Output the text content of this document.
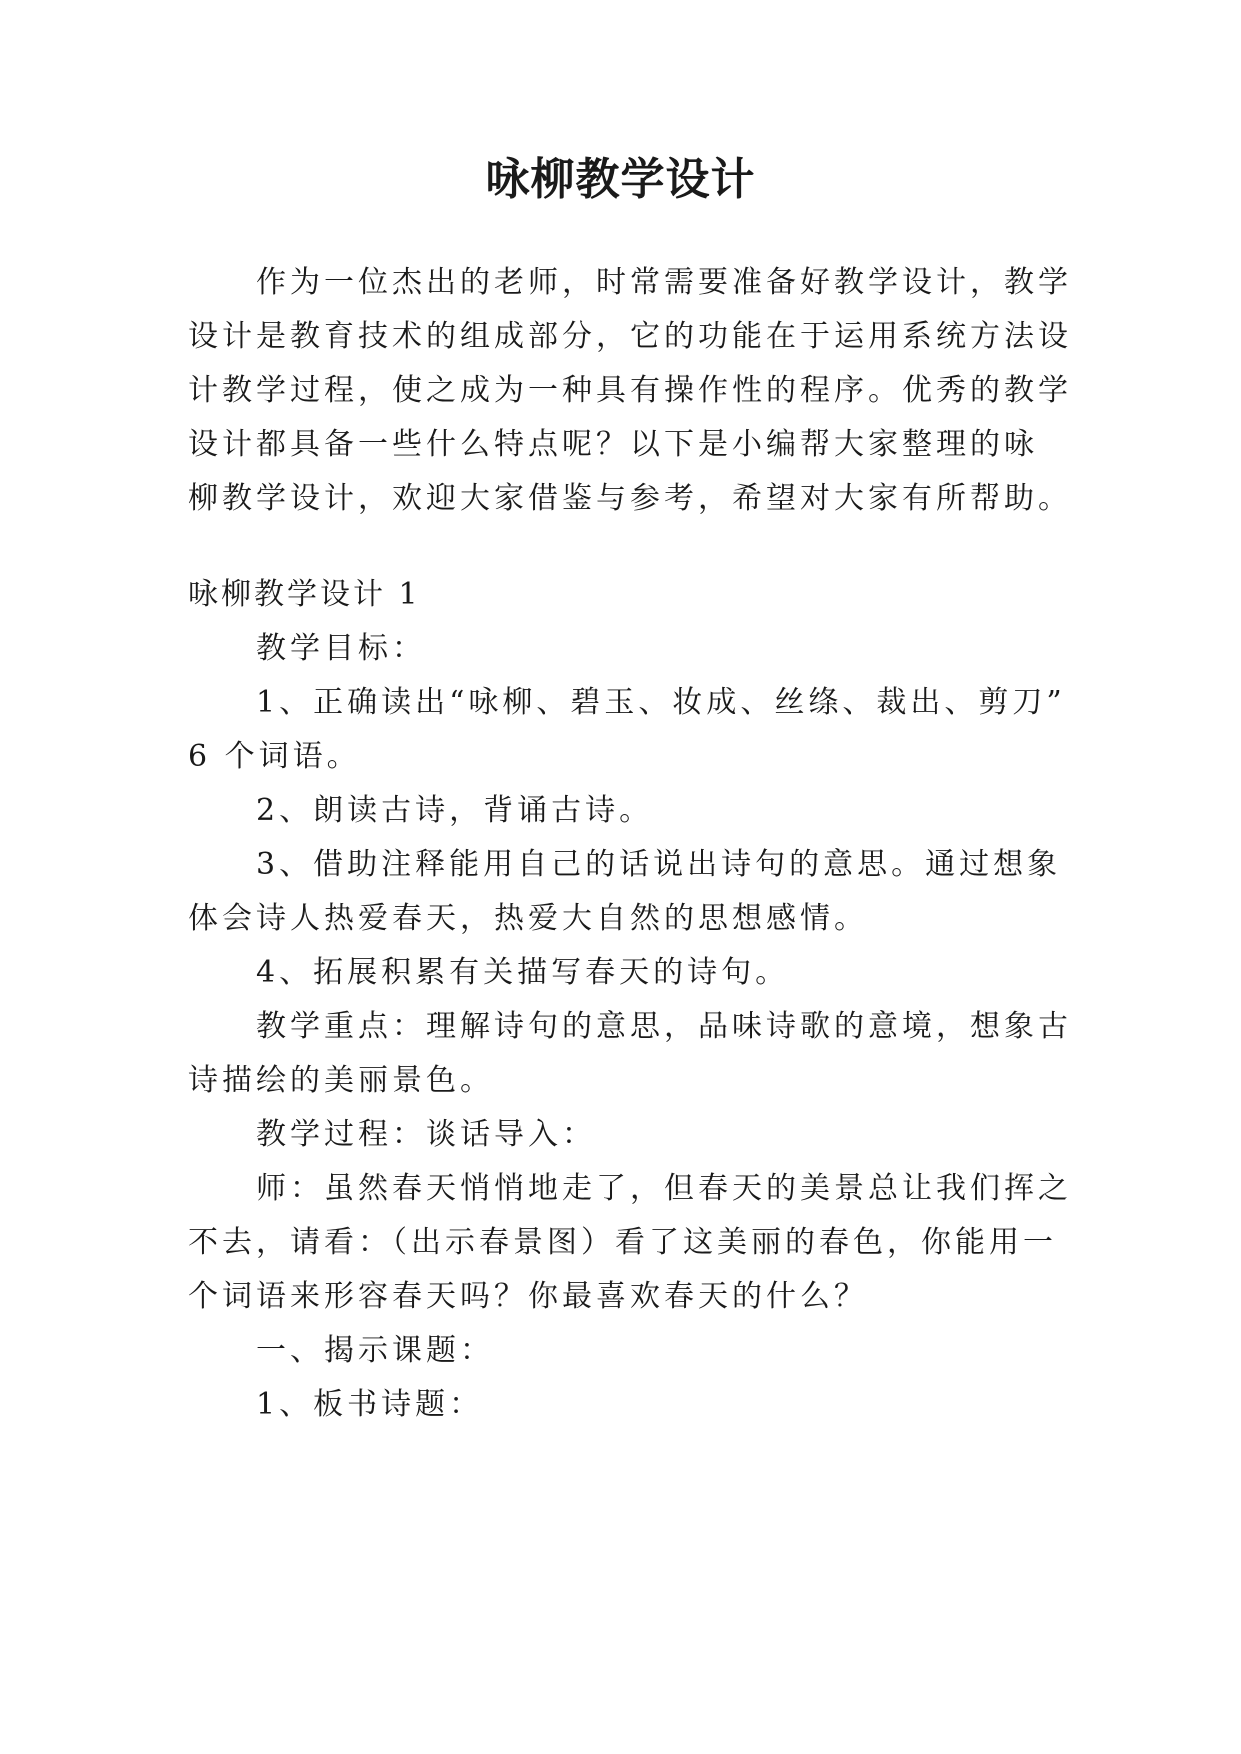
咏柳教学设计

作为一位杰出的老师，时常需要准备好教学设计，教学

设计是教育技术的组成部分，它的功能在于运用系统方法设

计教学过程，使之成为一种具有操作性的程序。优秀的教学

设计都具备一些什么特点呢？以下是小编帮大家整理的咏

柳教学设计，欢迎大家借鉴与参考，希望对大家有所帮助。

咏柳教学设计 1

教学目标：

1、正确读出“咏柳、碧玉、妆成、丝绦、裁出、剪刀”

6 个词语。

2、朗读古诗，背诵古诗。

3、借助注释能用自己的话说出诗句的意思。通过想象

体会诗人热爱春天，热爱大自然的思想感情。

4、拓展积累有关描写春天的诗句。

教学重点：理解诗句的意思，品味诗歌的意境，想象古

诗描绘的美丽景色。

教学过程：谈话导入：

师：虽然春天悄悄地走了，但春天的美景总让我们挥之

不去，请看：（出示春景图）看了这美丽的春色，你能用一

个词语来形容春天吗？你最喜欢春天的什么？

一、揭示课题：

1、板书诗题：
